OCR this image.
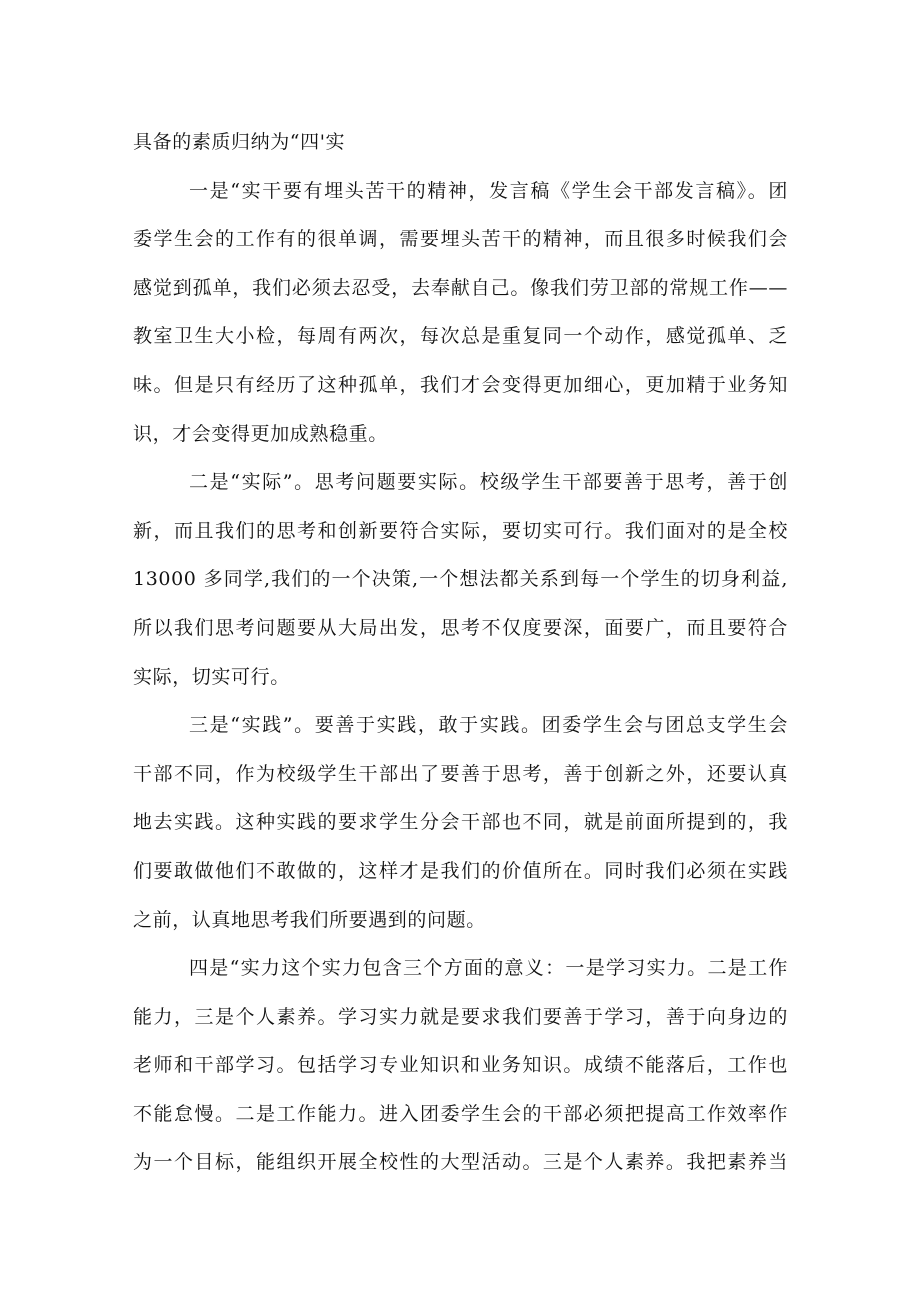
具备的素质归纳为“四'实
一是“实干要有埋头苦干的精神，发言稿《学生会干部发言稿》。团
委学生会的工作有的很单调，需要埋头苦干的精神，而且很多时候我们会
感觉到孤单，我们必须去忍受，去奉献自己。像我们劳卫部的常规工作——
教室卫生大小检，每周有两次，每次总是重复同一个动作，感觉孤单、乏
味。但是只有经历了这种孤单，我们才会变得更加细心，更加精于业务知
识，才会变得更加成熟稳重。
二是“实际”。思考问题要实际。校级学生干部要善于思考，善于创
新，而且我们的思考和创新要符合实际，要切实可行。我们面对的是全校
13000 多同学,我们的一个决策,一个想法都关系到每一个学生的切身利益,
所以我们思考问题要从大局出发，思考不仅度要深，面要广，而且要符合
实际，切实可行。
三是“实践”。要善于实践，敢于实践。团委学生会与团总支学生会
干部不同，作为校级学生干部出了要善于思考，善于创新之外，还要认真
地去实践。这种实践的要求学生分会干部也不同，就是前面所提到的，我
们要敢做他们不敢做的，这样才是我们的价值所在。同时我们必须在实践
之前，认真地思考我们所要遇到的问题。
四是“实力这个实力包含三个方面的意义：一是学习实力。二是工作
能力，三是个人素养。学习实力就是要求我们要善于学习，善于向身边的
老师和干部学习。包括学习专业知识和业务知识。成绩不能落后，工作也
不能怠慢。二是工作能力。进入团委学生会的干部必须把提高工作效率作
为一个目标，能组织开展全校性的大型活动。三是个人素养。我把素养当
